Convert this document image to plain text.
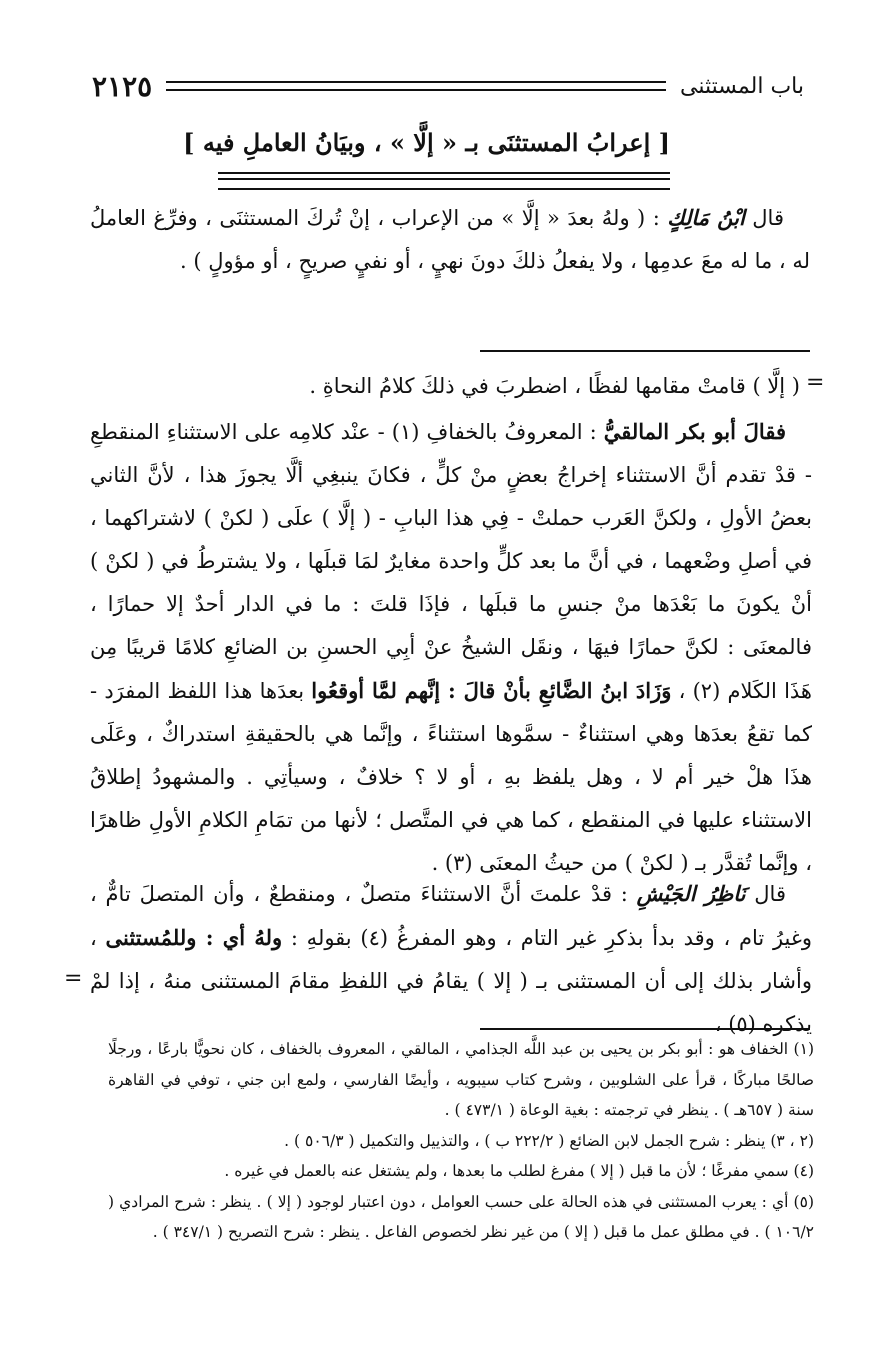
باب المستثنى
٢١٢٥
[ إعرابُ المستثنَى بـ « إلَّا » ، وبيَانُ العاملِ فيه ]

قال ابْنُ مَالِكٍ : ( ولهُ بعدَ « إلَّا » من الإعراب ، إنْ تُركَ المستثنَى ، وفرِّغ العاملُ له ، ما له معَ عدمِها ، ولا يفعلُ ذلكَ دونَ نهيٍ ، أو نفيٍ صريحٍ ، أو مؤولٍ ) .

( إلَّا ) قامتْ مقامها لفظًا ، اضطربَ في ذلكَ كلامُ النحاةِ . =

فقالَ أبو بكر المالقيُّ : المعروفُ بالخفافِ (١) - عنْد كلامِه على الاستثناءِ المنقطعِ - قدْ تقدم أنَّ الاستثناء إخراجُ بعضٍ منْ كلٍّ ، فكانَ ينبغِي ألَّا يجوزَ هذا ، لأنَّ الثاني بعضُ الأولِ ، ولكنَّ العَرب حملتْ - فِي هذا البابِ - ( إلَّا ) علَى ( لكنْ ) لاشتراكهما ، في أصلِ وضْعهما ، في أنَّ ما بعد كلٍّ واحدة مغايرٌ لمَا قبلَها ، ولا يشترطُ في ( لكنْ ) أنْ يكونَ ما بَعْدَها منْ جنسِ ما قبلَها ، فإذَا قلتَ : ما في الدار أحدٌ إلا حمارًا ، فالمعنَى : لكنَّ حمارًا فيهَا ، ونقَل الشيخُ عنْ أبِي الحسنِ بن الضائعِ كلامًا قريبًا مِن هَذَا الكَلام (٢) ، وَزَادَ ابنُ الضَّائعِ بأنْ قالَ : إنَّهم لمَّا أوقعُوا بعدَها هذا اللفظ المفرَد - كما تقعُ بعدَها وهي استثناءٌ - سمَّوها استثناءً ، وإنَّما هي بالحقيقةِ استدراكٌ ، وعَلَى هذَا هلْ خير أم لا ، وهل يلفظ بهِ ، أو لا ؟ خلافٌ ، وسيأتِي . والمشهودُ إطلاقُ الاستثناء عليها في المنقطع ، كما هي في المتَّصل ؛ لأنها من تمَامِ الكلامِ الأولِ ظاهرًا ، وإنَّما تُقدَّر بـ ( لكنْ ) من حيثُ المعنَى (٣) .

قال نَاظِرُ الجَيْشِ : قدْ علمتَ أنَّ الاستثناءَ متصلٌ ، ومنقطعٌ ، وأن المتصلَ تامٌّ ، وغيرُ تام ، وقد بدأ بذكرِ غير التام ، وهو المفرغُ (٤) بقولهِ : ولهُ أي : وللمُستثنى ، وأشار بذلك إلى أن المستثنى بـ ( إلا ) يقامُ في اللفظِ مقامَ المستثنى منهُ ، إذا لمْ يذكره (٥) ،

=

(١) الخفاف هو : أبو بكر بن يحيى بن عبد اللَّه الجذامي ، المالقي ، المعروف بالخفاف ، كان نحويًّا بارعًا ، ورجلًا صالحًا مباركًا ، قرأ على الشلوبين ، وشرح كتاب سيبويه ، وأيضًا الفارسي ، ولمع ابن جني ، توفي في القاهرة سنة ( ٦٥٧هـ ) . ينظر في ترجمته : بغية الوعاة ( ٤٧٣/١ ) .

(٢ ، ٣) ينظر : شرح الجمل لابن الضائع ( ٢٢٢/٢ ب ) ، والتذييل والتكميل ( ٥٠٦/٣ ) .

(٤) سمي مفرغًا ؛ لأن ما قبل ( إلا ) مفرغ لطلب ما بعدها ، ولم يشتغل عنه بالعمل في غيره .

(٥) أي : يعرب المستثنى في هذه الحالة على حسب العوامل ، دون اعتبار لوجود ( إلا ) . ينظر : شرح المرادي ( ١٠٦/٢ ) . في مطلق عمل ما قبل ( إلا ) من غير نظر لخصوص الفاعل . ينظر : شرح التصريح ( ٣٤٧/١ ) .
